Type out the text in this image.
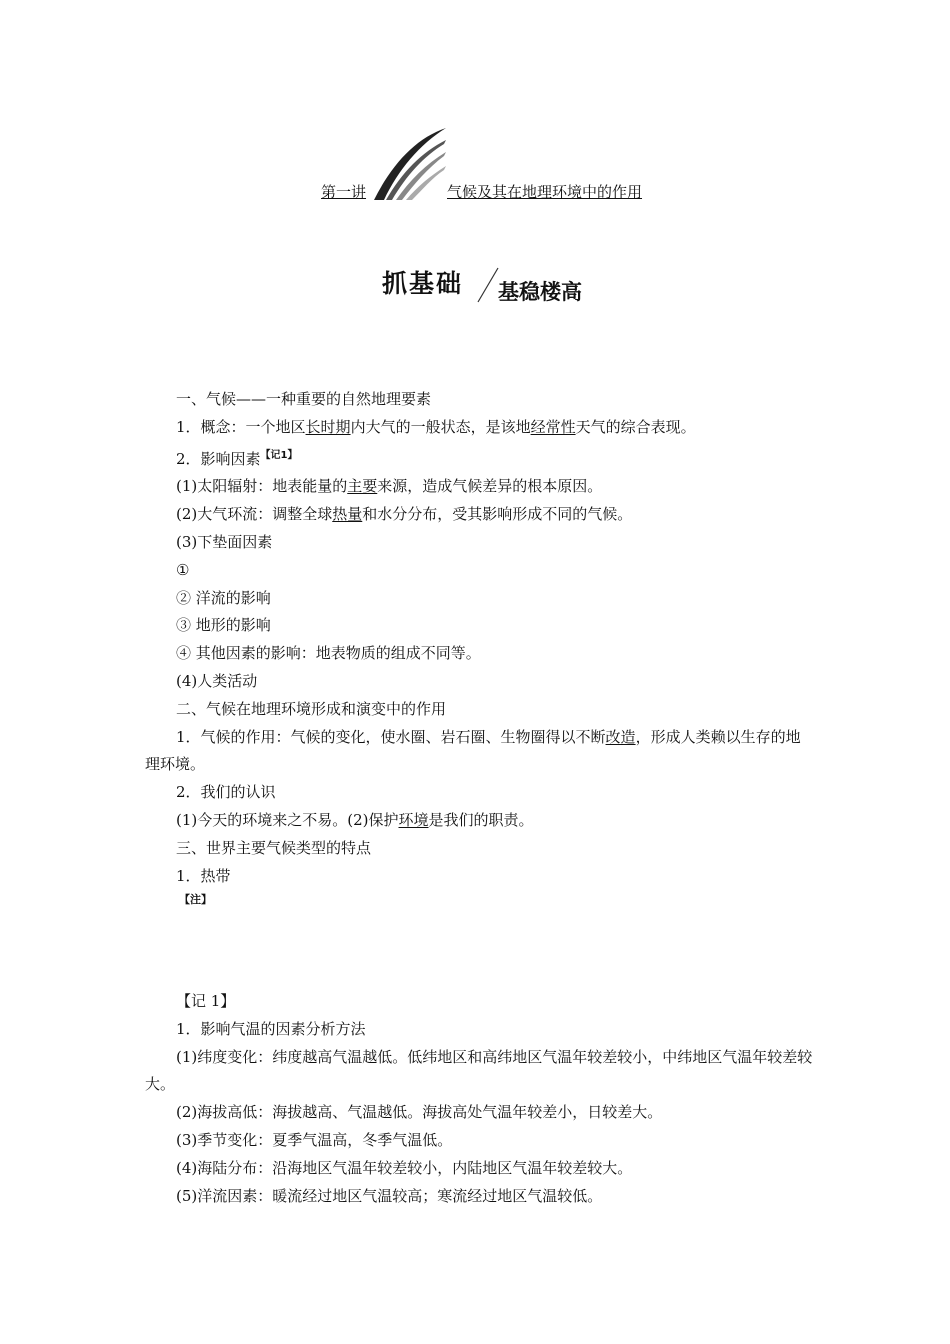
第一讲	气候及其在地理环境中的作用
抓基础 基稳楼高

一、气候——一种重要的自然地理要素

1．概念：一个地区长时期内大气的一般状态，是该地经常性天气的综合表现。

2．影响因素$^{【记1】}$

(1)太阳辐射：地表能量的主要来源，造成气候差异的根本原因。

(2)大气环流：调整全球热量和水分分布，受其影响形成不同的气候。

(3)下垫面因素

①

② 洋流的影响

③ 地形的影响

④ 其他因素的影响：地表物质的组成不同等。

(4)人类活动

二、气候在地理环境形成和演变中的作用

1．气候的作用：气候的变化，使水圈、岩石圈、生物圈得以不断改造，形成人类赖以生存的地理环境。

2．我们的认识

(1)今天的环境来之不易。(2)保护环境是我们的职责。

三、世界主要气候类型的特点

1．热带

【注】

【记 1】

1．影响气温的因素分析方法

(1)纬度变化：纬度越高气温越低。低纬地区和高纬地区气温年较差较小，中纬地区气温年较差较大。

(2)海拔高低：海拔越高、气温越低。海拔高处气温年较差小，日较差大。

(3)季节变化：夏季气温高，冬季气温低。

(4)海陆分布：沿海地区气温年较差较小，内陆地区气温年较差较大。

(5)洋流因素：暖流经过地区气温较高；寒流经过地区气温较低。
